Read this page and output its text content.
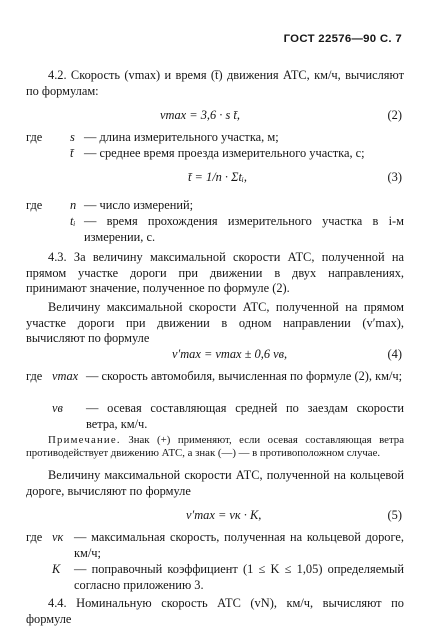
ГОСТ 22576—90 С. 7
4.2. Скорость (vmax) и время (t̄) движения АТС, км/ч, вычисляют по формулам:
vmax = 3,6 · s t̄,	(2)
где s — длина измерительного участка, м;
t̄ — среднее время проезда измерительного участка, с;
t̄ = 1/n · Σtᵢ,	(3)
где n — число измерений;
tᵢ — время прохождения измерительного участка в i-м измерении, с.
4.3. За величину максимальной скорости АТС, полученной на прямом участке дороги при движении в двух направлениях, принимают значение, полученное по формуле (2).
Величину максимальной скорости АТС, полученной на прямом участке дороги при движении в одном направлении (v′max), вычисляют по формуле
v′max = vmax ± 0,6 vв,	(4)
где vmax — скорость автомобиля, вычисленная по формуле (2), км/ч;
vв — осевая составляющая средней по заездам скорости ветра, км/ч.
Примечание. Знак (+) применяют, если осевая составляющая ветра противодействует движению АТС, а знак (—) — в противоположном случае.
Величину максимальной скорости АТС, полученной на кольцевой дороге, вычисляют по формуле
v′max = vк · K,	(5)
где vк — максимальная скорость, полученная на кольцевой дороге, км/ч;
K — поправочный коэффициент (1 ≤ K ≤ 1,05) определяемый согласно приложению 3.
4.4. Номинальную скорость АТС (vN), км/ч, вычисляют по формуле
